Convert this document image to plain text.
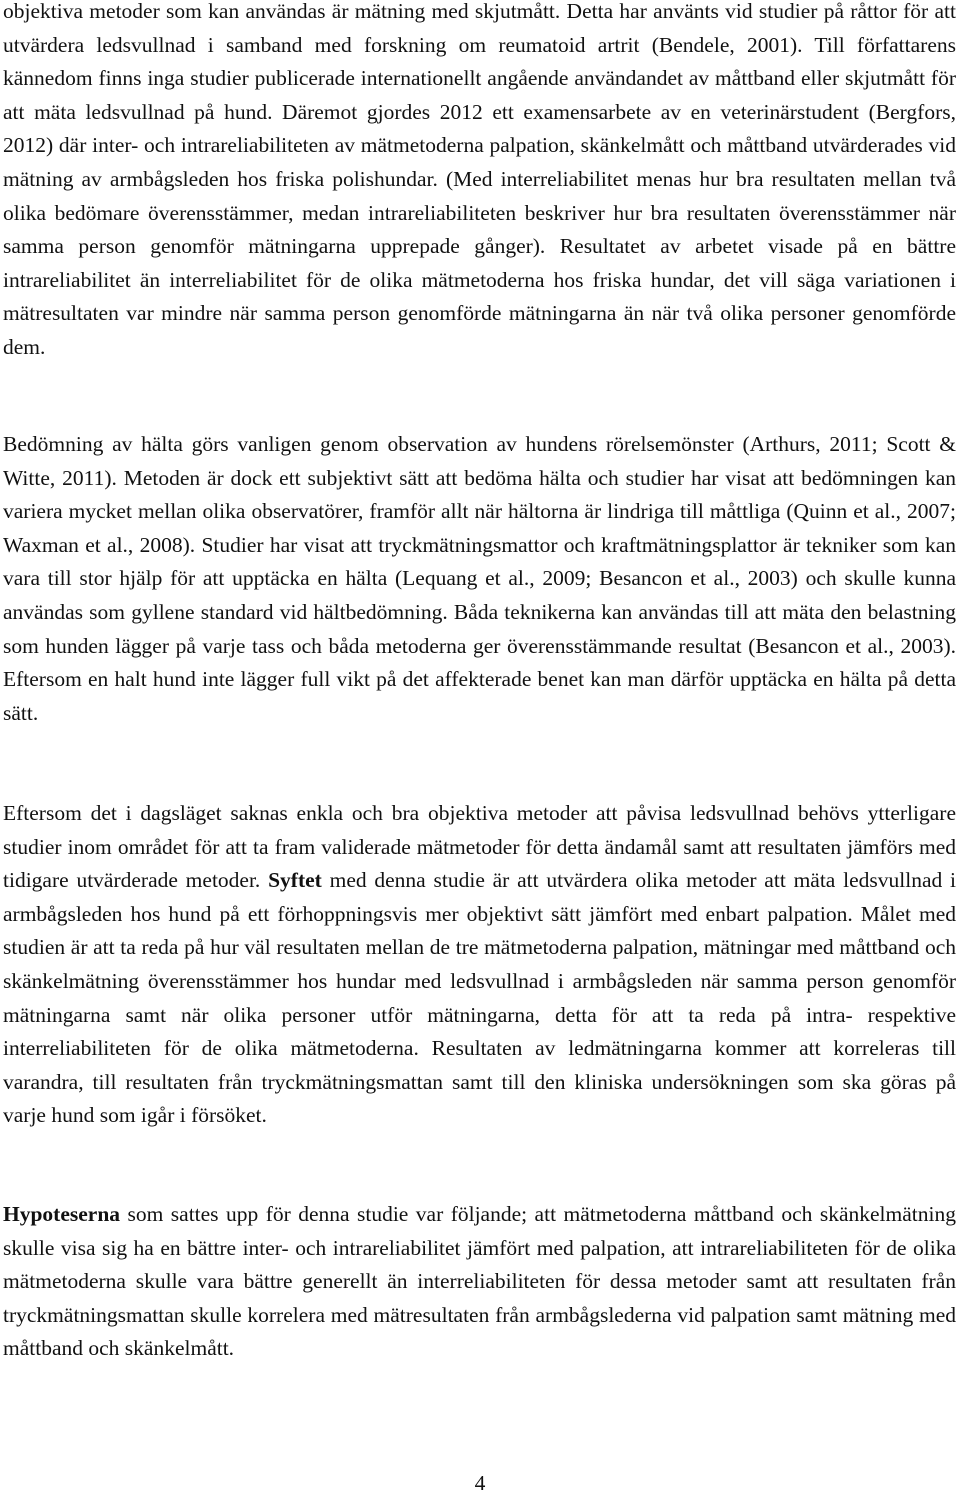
objektiva metoder som kan användas är mätning med skjutmått. Detta har använts vid studier på råttor för att utvärdera ledsvullnad i samband med forskning om reumatoid artrit (Bendele, 2001). Till författarens kännedom finns inga studier publicerade internationellt angående användandet av måttband eller skjutmått för att mäta ledsvullnad på hund. Däremot gjordes 2012 ett examensarbete av en veterinärstudent (Bergfors, 2012) där inter- och intrareliabiliteten av mätmetoderna palpation, skänkelmått och måttband utvärderades vid mätning av armbågsleden hos friska polishundar. (Med interreliabilitet menas hur bra resultaten mellan två olika bedömare överensstämmer, medan intrareliabiliteten beskriver hur bra resultaten överensstämmer när samma person genomför mätningarna upprepade gånger). Resultatet av arbetet visade på en bättre intrareliabilitet än interreliabilitet för de olika mätmetoderna hos friska hundar, det vill säga variationen i mätresultaten var mindre när samma person genomförde mätningarna än när två olika personer genomförde dem.

Bedömning av hälta görs vanligen genom observation av hundens rörelsemönster (Arthurs, 2011; Scott & Witte, 2011). Metoden är dock ett subjektivt sätt att bedöma hälta och studier har visat att bedömningen kan variera mycket mellan olika observatörer, framför allt när hältorna är lindriga till måttliga (Quinn et al., 2007; Waxman et al., 2008). Studier har visat att tryckmätningsmattor och kraftmätningsplattor är tekniker som kan vara till stor hjälp för att upptäcka en hälta (Lequang et al., 2009; Besancon et al., 2003) och skulle kunna användas som gyllene standard vid hältbedömning. Båda teknikerna kan användas till att mäta den belastning som hunden lägger på varje tass och båda metoderna ger överensstämmande resultat (Besancon et al., 2003). Eftersom en halt hund inte lägger full vikt på det affekterade benet kan man därför upptäcka en hälta på detta sätt.

Eftersom det i dagsläget saknas enkla och bra objektiva metoder att påvisa ledsvullnad behövs ytterligare studier inom området för att ta fram validerade mätmetoder för detta ändamål samt att resultaten jämförs med tidigare utvärderade metoder. Syftet med denna studie är att utvärdera olika metoder att mäta ledsvullnad i armbågsleden hos hund på ett förhoppningsvis mer objektivt sätt jämfört med enbart palpation. Målet med studien är att ta reda på hur väl resultaten mellan de tre mätmetoderna palpation, mätningar med måttband och skänkelmätning överensstämmer hos hundar med ledsvullnad i armbågsleden när samma person genomför mätningarna samt när olika personer utför mätningarna, detta för att ta reda på intra- respektive interreliabiliteten för de olika mätmetoderna. Resultaten av ledmätningarna kommer att korreleras till varandra, till resultaten från tryckmätningsmattan samt till den kliniska undersökningen som ska göras på varje hund som igår i försöket.

Hypoteserna som sattes upp för denna studie var följande; att mätmetoderna måttband och skänkelmätning skulle visa sig ha en bättre inter- och intrareliabilitet jämfört med palpation, att intrareliabiliteten för de olika mätmetoderna skulle vara bättre generellt än interreliabiliteten för dessa metoder samt att resultaten från tryckmätningsmattan skulle korrelera med mätresultaten från armbågslederna vid palpation samt mätning med måttband och skänkelmått.

4
